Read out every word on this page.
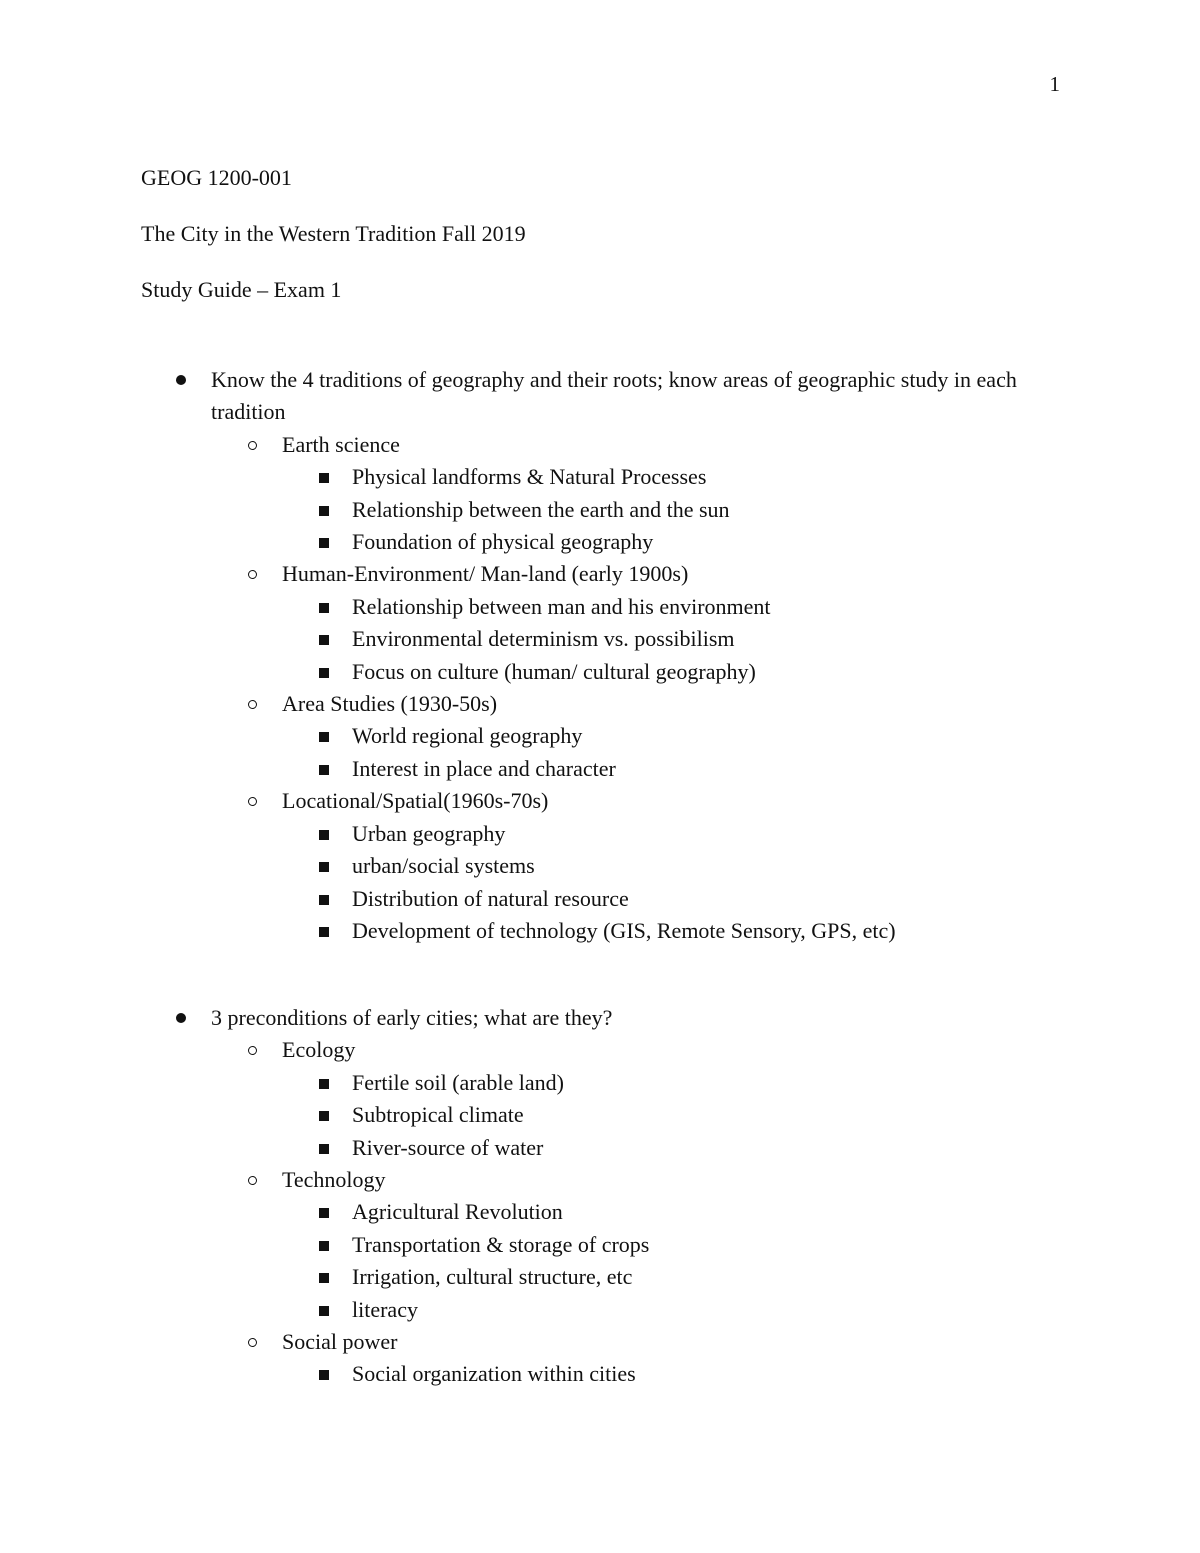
1
GEOG 1200-001
The City in the Western Tradition Fall 2019
Study Guide – Exam 1
Know the 4 traditions of geography and their roots; know areas of geographic study in each tradition
Earth science
Physical landforms & Natural Processes
Relationship between the earth and the sun
Foundation of physical geography
Human-Environment/ Man-land (early 1900s)
Relationship between man and his environment
Environmental determinism vs. possibilism
Focus on culture (human/ cultural geography)
Area Studies (1930-50s)
World regional geography
Interest in place and character
Locational/Spatial(1960s-70s)
Urban geography
urban/social systems
Distribution of natural resource
Development of technology (GIS, Remote Sensory, GPS, etc)
3 preconditions of early cities; what are they?
Ecology
Fertile soil (arable land)
Subtropical climate
River-source of water
Technology
Agricultural Revolution
Transportation & storage of crops
Irrigation, cultural structure, etc
literacy
Social power
Social organization within cities
